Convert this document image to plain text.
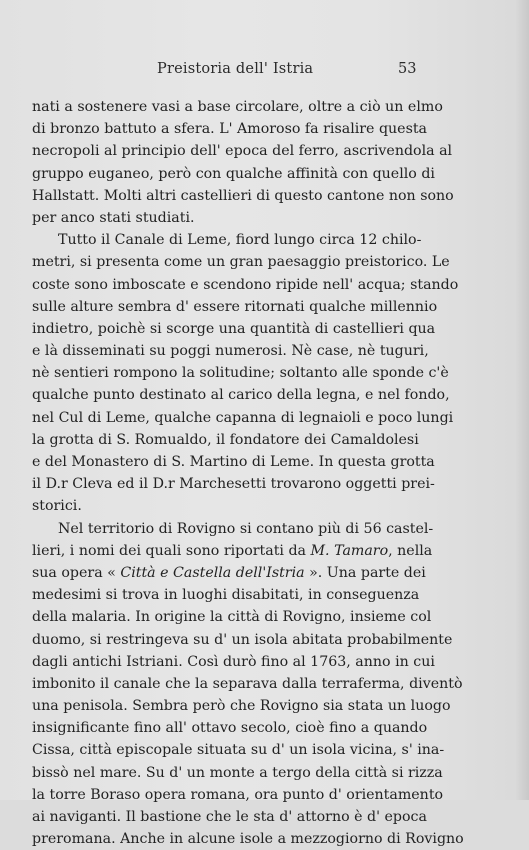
Preistoria dell' Istria	53
nati a sostenere vasi a base circolare, oltre a ciò un elmo
di bronzo battuto a sfera. L' Amoroso fa risalire questa
necropoli al principio dell' epoca del ferro, ascrivendola al
gruppo euganeo, però con qualche affinità con quello di
Hallstatt. Molti altri castellieri di questo cantone non sono
per anco stati studiati.
Tutto il Canale di Leme, fiord lungo circa 12 chilo-
metri, si presenta come un gran paesaggio preistorico. Le
coste sono imboscate e scendono ripide nell' acqua; stando
sulle alture sembra d' essere ritornati qualche millennio
indietro, poichè si scorge una quantità di castellieri qua
e là disseminati su poggi numerosi. Nè case, nè tuguri,
nè sentieri rompono la solitudine; soltanto alle sponde c'è
qualche punto destinato al carico della legna, e nel fondo,
nel Cul di Leme, qualche capanna di legnaioli e poco lungi
la grotta di S. Romualdo, il fondatore dei Camaldolesi
e del Monastero di S. Martino di Leme. In questa grotta
il D.r Cleva ed il D.r Marchesetti trovarono oggetti prei-
storici.
Nel territorio di Rovigno si contano più di 56 castel-
lieri, i nomi dei quali sono riportati da M. Tamaro, nella
sua opera « Città e Castella dell'Istria ». Una parte dei
medesimi si trova in luoghi disabitati, in conseguenza
della malaria. In origine la città di Rovigno, insieme col
duomo, si restringeva su d' un isola abitata probabilmente
dagli antichi Istriani. Così durò fino al 1763, anno in cui
imbonito il canale che la separava dalla terraferma, diventò
una penisola. Sembra però che Rovigno sia stata un luogo
insignificante fino all' ottavo secolo, cioè fino a quando
Cissa, città episcopale situata su d' un isola vicina, s' ina-
bissò nel mare. Su d' un monte a tergo della città si rizza
la torre Boraso opera romana, ora punto d' orientamento
ai naviganti. Il bastione che le sta d' attorno è d' epoca
preromana. Anche in alcune isole a mezzogiorno di Rovigno
